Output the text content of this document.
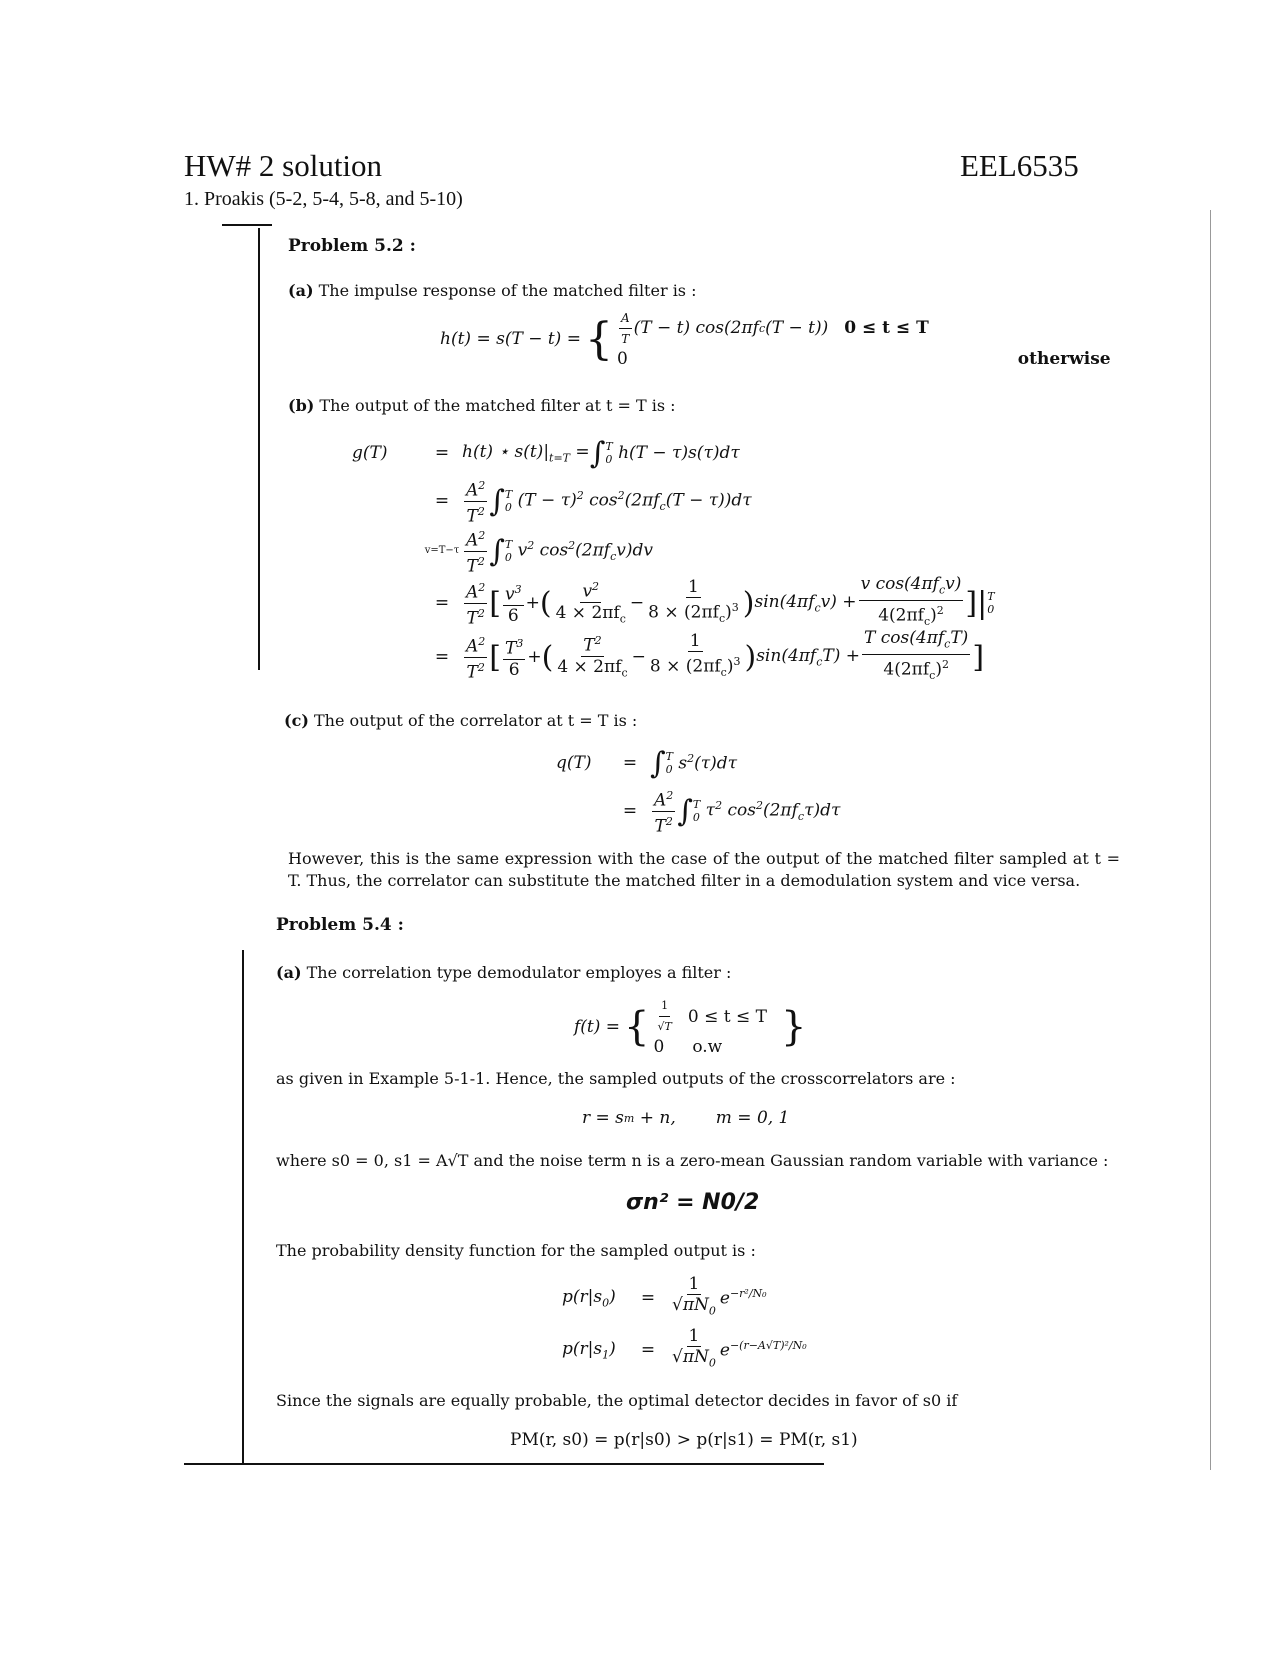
HW# 2 solution	EEL6535
1. Proakis (5-2, 5-4, 5-8, and 5-10)
Problem 5.2 :
(a) The impulse response of the matched filter is :
h(t) = s(T − t) = { $\frac{A}{T} (T - t)$ cos(2πf c (T − t)) 0 ≤ t ≤ T
0	otherwise
(b) The output of the matched filter at t = T is :
g(T)	= h(t) ⋆ $s(t)|_{t=T}$ = ∫ T
0 h(T − τ)s(τ)dτ
= $\frac{A^2}{T^2}$ ∫ T
0 $(T - \tau)^2$ $\cos^2(2\pi f_c(T - \tau))d\tau$
$v=T-\tau \frac{A^2}{T^2}$ ∫ T
0 $v^2$ $\cos^2(2\pi f_cv)dv$
= $\frac{A^2}{T^2}$ [ $\frac{v^3}{6}$ + ( $\frac{v^2}{4 \times 2\pi f_c} - \frac{1}{8 \times (2\pi f_c)^3}$ ) $\sin(4\pi f_cv) + \frac{v \cos(4\pi f_cv)}{4(2\pi f_c)^2}$ ]| T
0
= $\frac{A^2}{T^2}$ [ $\frac{T^3}{6}$ + ( $\frac{T^2}{4 \times 2\pi f_c} - \frac{1}{8 \times (2\pi f_c)^3}$ ) $\sin(4\pi f_cT) + \frac{T \cos(4\pi f_cT)}{4(2\pi f_c)^2}$ ]
(c) The output of the correlator at t = T is :
q(T)	= ∫ T
0 $s^2(\tau)d\tau$
= $\frac{A^2}{T^2}$ ∫ T
0 $\tau^2$ $\cos^2(2\pi f_c\tau)d\tau$
However, this is the same expression with the case of the output of the matched filter sampled at t = T. Thus, the correlator can substitute the matched filter in a demodulation system and vice versa.
Problem 5.4 :
(a) The correlation type demodulator employes a filter :
f(t) = { $\frac{1}{√T} 0 \le t \le T$
0 o.w }
as given in Example 5-1-1. Hence, the sampled outputs of the crosscorrelators are :
r = s m
+ n, m = 0, 1
where s0 = 0, s1 = A√T and the noise term n is a zero-mean Gaussian random variable with variance :
σn² = N0/2
The probability density function for the sampled output is :
$p(r|s_0)$	= $\frac{1}{√\pi N_0} e^{-r^2/N_0}$
$p(r|s_1)$	= $\frac{1}{√\pi N_0} e^{-(r-A√T)^2/N_0}$
Since the signals are equally probable, the optimal detector decides in favor of s0 if
PM(r, s0) = p(r|s0) > p(r|s1) = PM(r, s1)
